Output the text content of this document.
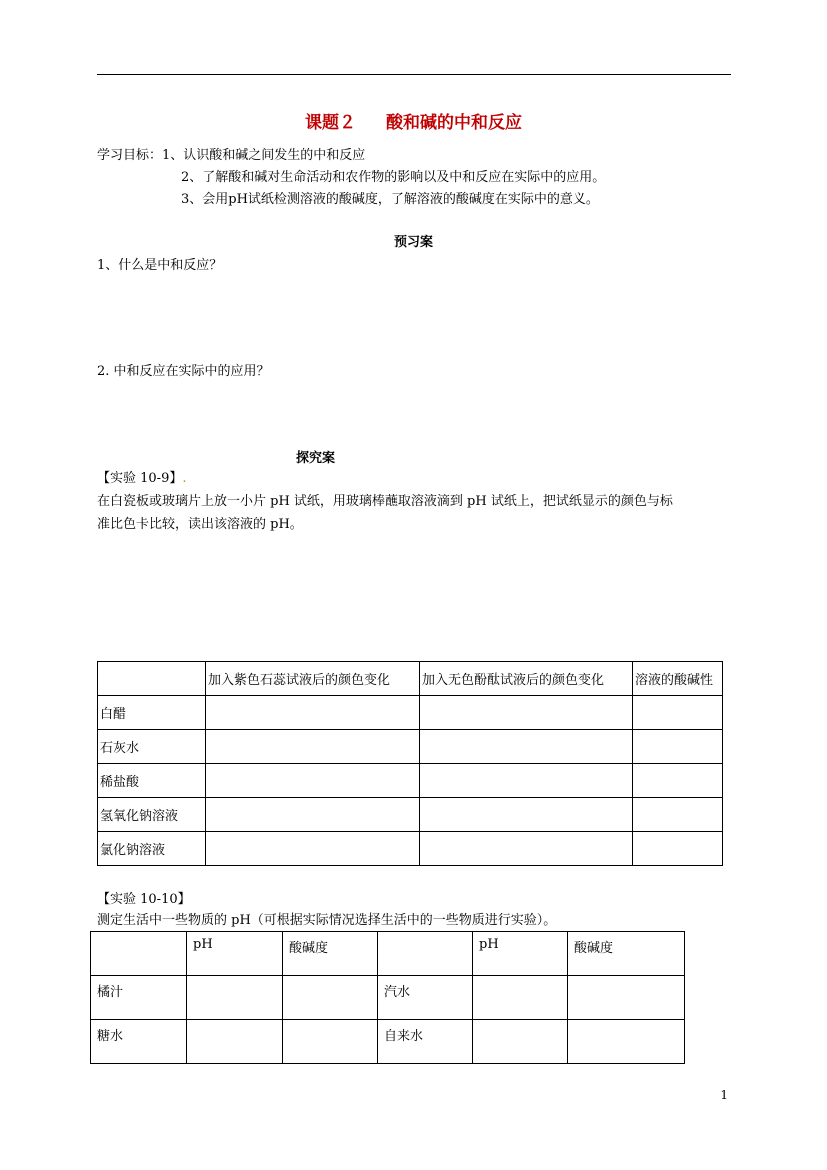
课题２ 酸和碱的中和反应
学习目标：1、认识酸和碱之间发生的中和反应
2、了解酸和碱对生命活动和农作物的影响以及中和反应在实际中的应用。
3、会用pH试纸检测溶液的酸碱度，了解溶液的酸碱度在实际中的意义。
预习案
1、什么是中和反应？
2. 中和反应在实际中的应用？
探究案
【实验 10-9】.
在白瓷板或玻璃片上放一小片 pH 试纸，用玻璃棒蘸取溶液滴到 pH 试纸上，把试纸显示的颜色与标
准比色卡比较，读出该溶液的 pH。
	加入紫色石蕊试液后的颜色变化	加入无色酚酞试液后的颜色变化	溶液的酸碱性
白醋			
石灰水			
稀盐酸			
氢氧化钠溶液			
氯化钠溶液			
【实验 10-10】
测定生活中一些物质的 pH（可根据实际情况选择生活中的一些物质进行实验）。
	pH	酸碱度		pH	酸碱度
橘汁			汽水		
糖水			自来水		
1
